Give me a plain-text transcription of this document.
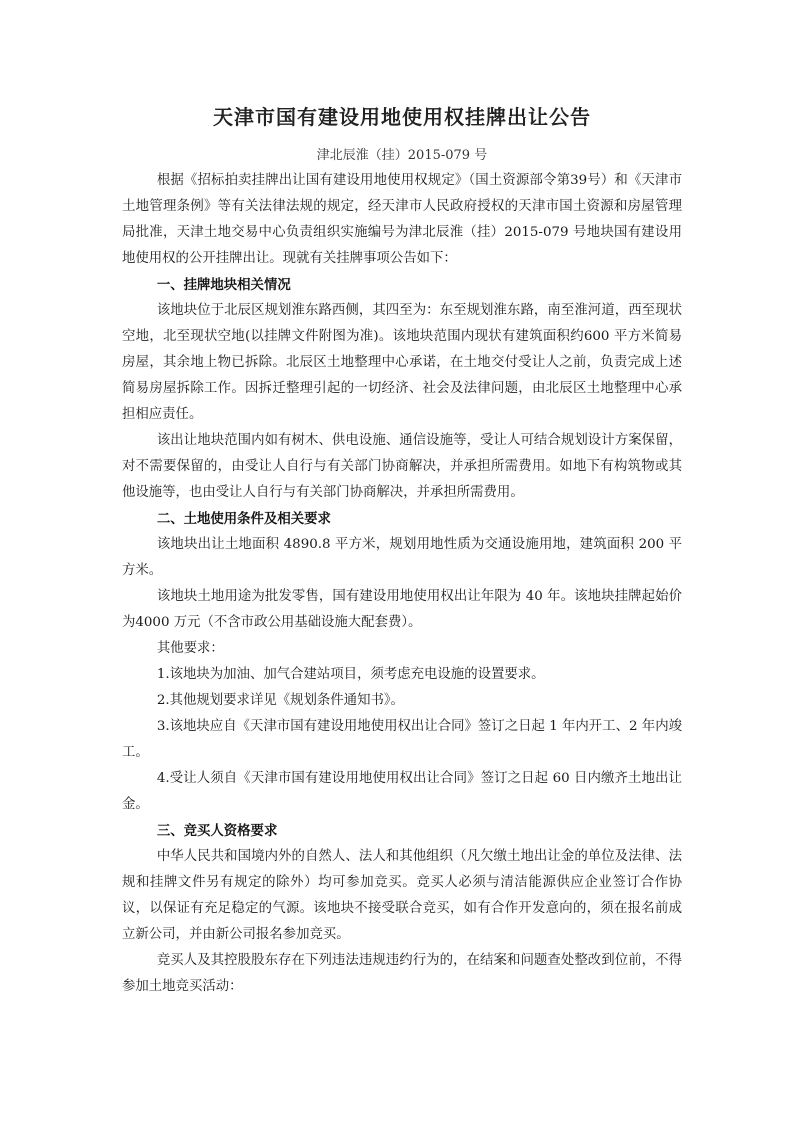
天津市国有建设用地使用权挂牌出让公告
津北辰淮（挂）2015-079 号

根据《招标拍卖挂牌出让国有建设用地使用权规定》（国土资源部令第39号）和《天津市土地管理条例》等有关法律法规的规定，经天津市人民政府授权的天津市国土资源和房屋管理局批准，天津土地交易中心负责组织实施编号为津北辰淮（挂）2015-079 号地块国有建设用地使用权的公开挂牌出让。现就有关挂牌事项公告如下：

一、挂牌地块相关情况

该地块位于北辰区规划淮东路西侧，其四至为：东至规划淮东路，南至淮河道，西至现状空地，北至现状空地(以挂牌文件附图为准)。该地块范围内现状有建筑面积约600 平方米简易房屋，其余地上物已拆除。北辰区土地整理中心承诺，在土地交付受让人之前，负责完成上述简易房屋拆除工作。因拆迁整理引起的一切经济、社会及法律问题，由北辰区土地整理中心承担相应责任。

该出让地块范围内如有树木、供电设施、通信设施等，受让人可结合规划设计方案保留，对不需要保留的，由受让人自行与有关部门协商解决，并承担所需费用。如地下有构筑物或其他设施等，也由受让人自行与有关部门协商解决，并承担所需费用。

二、土地使用条件及相关要求

该地块出让土地面积 4890.8 平方米，规划用地性质为交通设施用地，建筑面积 200 平方米。

该地块土地用途为批发零售，国有建设用地使用权出让年限为 40 年。该地块挂牌起始价为4000 万元（不含市政公用基础设施大配套费）。

其他要求：

1.该地块为加油、加气合建站项目，须考虑充电设施的设置要求。

2.其他规划要求详见《规划条件通知书》。

3.该地块应自《天津市国有建设用地使用权出让合同》签订之日起 1 年内开工、2 年内竣工。

4.受让人须自《天津市国有建设用地使用权出让合同》签订之日起 60 日内缴齐土地出让金。

三、竞买人资格要求

中华人民共和国境内外的自然人、法人和其他组织（凡欠缴土地出让金的单位及法律、法规和挂牌文件另有规定的除外）均可参加竞买。竞买人必须与清洁能源供应企业签订合作协议，以保证有充足稳定的气源。该地块不接受联合竞买，如有合作开发意向的，须在报名前成立新公司，并由新公司报名参加竞买。

竞买人及其控股股东存在下列违法违规违约行为的，在结案和问题查处整改到位前，不得参加土地竞买活动：
